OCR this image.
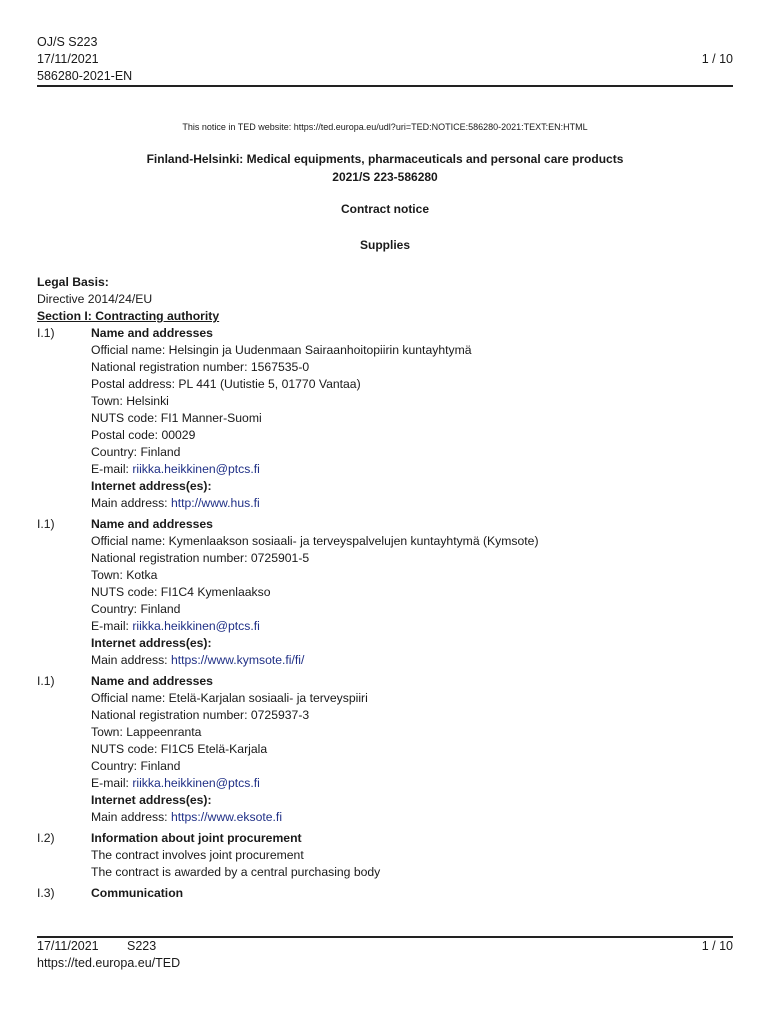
OJ/S S223
17/11/2021
586280-2021-EN
1 / 10
This notice in TED website: https://ted.europa.eu/udl?uri=TED:NOTICE:586280-2021:TEXT:EN:HTML
Finland-Helsinki: Medical equipments, pharmaceuticals and personal care products
2021/S 223-586280
Contract notice
Supplies
Legal Basis:
Directive 2014/24/EU
Section I: Contracting authority
I.1)	Name and addresses
Official name: Helsingin ja Uudenmaan Sairaanhoitopiirin kuntayhtymä
National registration number: 1567535-0
Postal address: PL 441 (Uutistie 5, 01770 Vantaa)
Town: Helsinki
NUTS code: FI1 Manner-Suomi
Postal code: 00029
Country: Finland
E-mail: riikka.heikkinen@ptcs.fi
Internet address(es):
Main address: http://www.hus.fi
I.1)	Name and addresses
Official name: Kymenlaakson sosiaali- ja terveyspalvelujen kuntayhtymä (Kymsote)
National registration number: 0725901-5
Town: Kotka
NUTS code: FI1C4 Kymenlaakso
Country: Finland
E-mail: riikka.heikkinen@ptcs.fi
Internet address(es):
Main address: https://www.kymsote.fi/fi/
I.1)	Name and addresses
Official name: Etelä-Karjalan sosiaali- ja terveyspiiri
National registration number: 0725937-3
Town: Lappeenranta
NUTS code: FI1C5 Etelä-Karjala
Country: Finland
E-mail: riikka.heikkinen@ptcs.fi
Internet address(es):
Main address: https://www.eksote.fi
I.2)	Information about joint procurement
The contract involves joint procurement
The contract is awarded by a central purchasing body
I.3)	Communication
17/11/2021	S223
https://ted.europa.eu/TED
1 / 10
